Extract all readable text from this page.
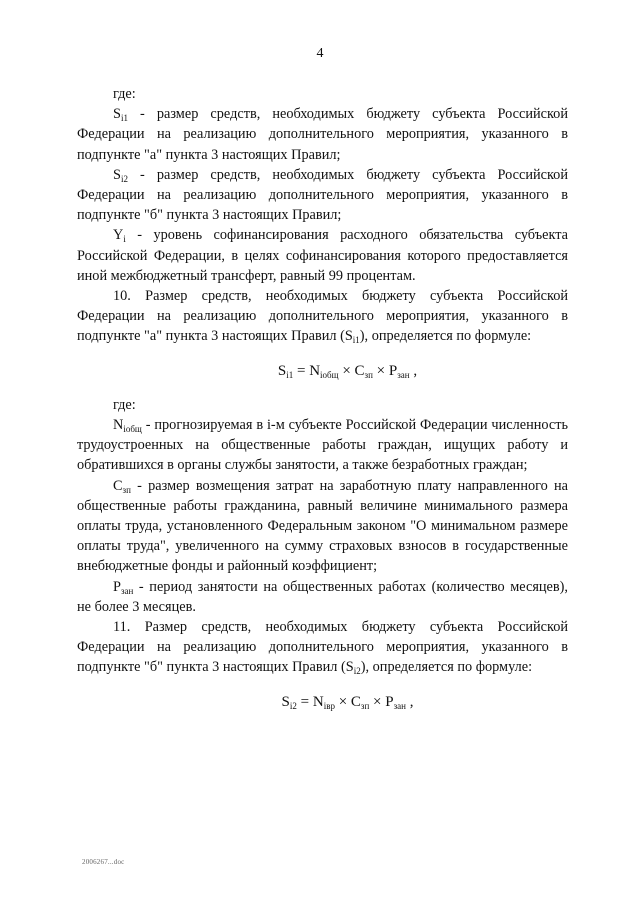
4

где:

$S_{i1}$ - размер средств, необходимых бюджету субъекта Российской Федерации на реализацию дополнительного мероприятия, указанного в подпункте "а" пункта 3 настоящих Правил;

$S_{i2}$ - размер средств, необходимых бюджету субъекта Российской Федерации на реализацию дополнительного мероприятия, указанного в подпункте "б" пункта 3 настоящих Правил;

$Y_i$ - уровень софинансирования расходного обязательства субъекта Российской Федерации, в целях софинансирования которого предоставляется иной межбюджетный трансферт, равный 99 процентам.

10. Размер средств, необходимых бюджету субъекта Российской Федерации на реализацию дополнительного мероприятия, указанного в подпункте "а" пункта 3 настоящих Правил $(S_{i1})$, определяется по формуле:

$S_{i1} = N_{iобщ} \times C_{зп} \times P_{зан}$ ,

где:

$N_{iобщ}$ - прогнозируемая в i-м субъекте Российской Федерации численность трудоустроенных на общественные работы граждан, ищущих работу и обратившихся в органы службы занятости, а также безработных граждан;

$C_{зп}$ - размер возмещения затрат на заработную плату направленного на общественные работы гражданина, равный величине минимального размера оплаты труда, установленного Федеральным законом "О минимальном размере оплаты труда", увеличенного на сумму страховых взносов в государственные внебюджетные фонды и районный коэффициент;

$P_{зан}$ - период занятости на общественных работах (количество месяцев), не более 3 месяцев.

11. Размер средств, необходимых бюджету субъекта Российской Федерации на реализацию дополнительного мероприятия, указанного в подпункте "б" пункта 3 настоящих Правил $(S_{i2})$, определяется по формуле:

$S_{i2} = N_{iвр} \times C_{зп} \times P_{зан}$ ,
2006267...doc
